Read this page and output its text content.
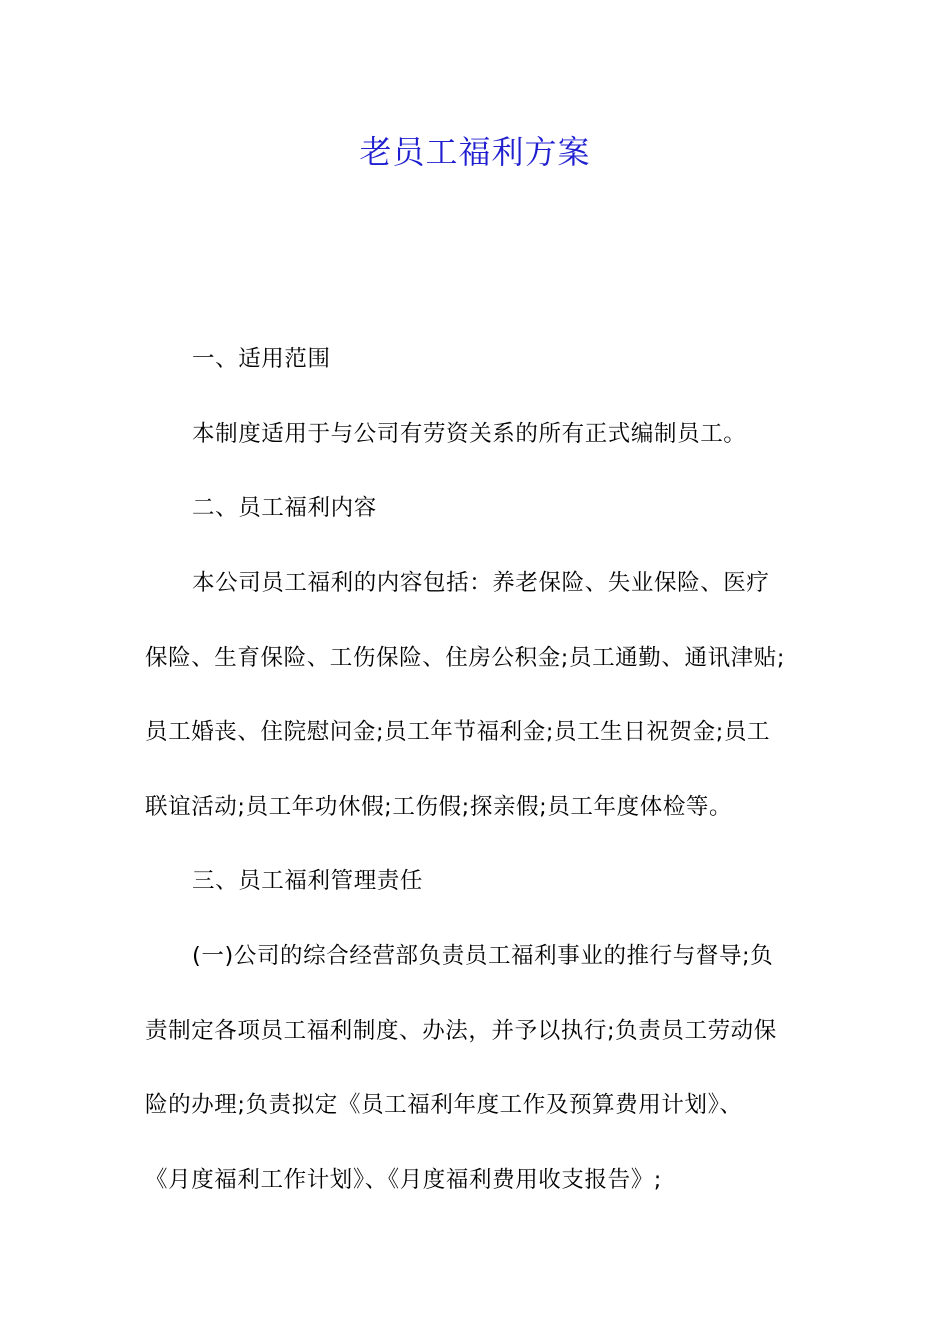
老员工福利方案
一、适用范围
本制度适用于与公司有劳资关系的所有正式编制员工。
二、员工福利内容
本公司员工福利的内容包括：养老保险、失业保险、医疗
保险、生育保险、工伤保险、住房公积金;员工通勤、通讯津贴;
员工婚丧、住院慰问金;员工年节福利金;员工生日祝贺金;员工
联谊活动;员工年功休假;工伤假;探亲假;员工年度体检等。
三、员工福利管理责任
(一)公司的综合经营部负责员工福利事业的推行与督导;负
责制定各项员工福利制度、办法，并予以执行;负责员工劳动保
险的办理;负责拟定《员工福利年度工作及预算费用计划》、
《月度福利工作计划》、《月度福利费用收支报告》;
